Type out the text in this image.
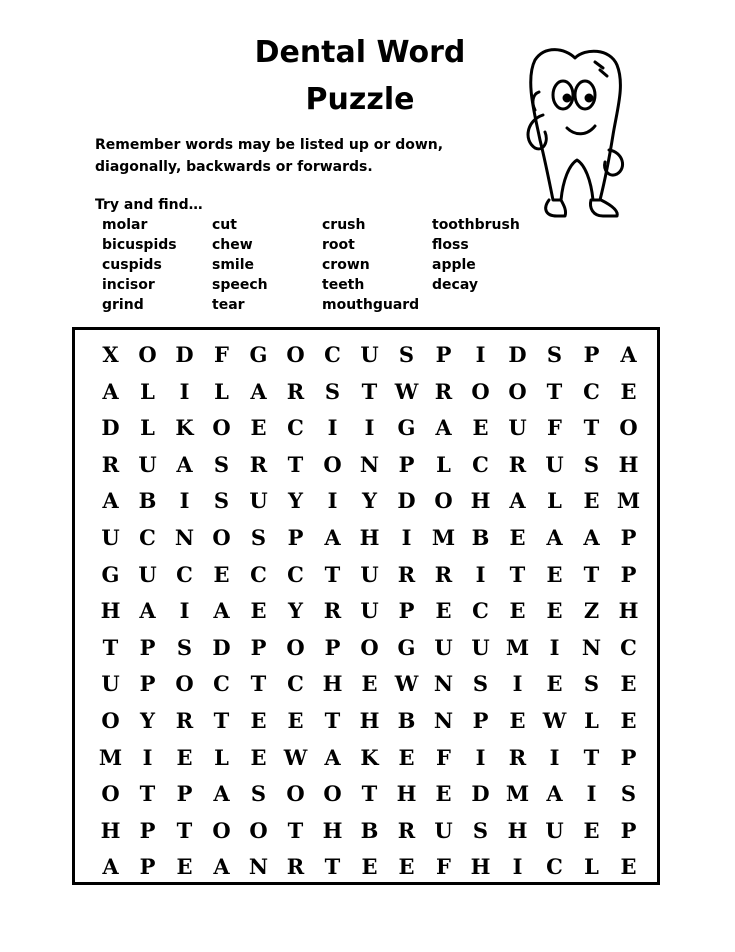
Dental Word
Puzzle
Remember words may be listed up or down, diagonally, backwards or forwards.
Try and find…
molar	cut	crush	toothbrush
bicuspids	chew	root	floss
cuspids	smile	crown	apple
incisor	speech	teeth	decay
grind	tear	mouthguard
X O D F G O C U S	P	I	D S	P A
A	L	I	L	A R S	T W R O O T C E
D L K O E C	I	I	G A E U F	T O
R U A	S R T O N P	L	C R U S H
A B	I	S U Y	I	Y D O H A	L	E M
U C N O S	P A H	I M B E A A P
G U C E C C T U R R	I	T	E	T	P
H A	I	A E	Y R U P	E C E E	Z H
T	P	S D P O P O G U U M I	N C
U P O C T C H E W N S	I	E	S	E
O Y R T	E E	T H B N P	E W L	E
M I	E	L	E W A K E	F	I	R	I	T	P
O T	P A	S O O T H E D M A	I	S
H P	T O O T H B R U S H U E	P
A P	E A N R T	E E	F H	I	C	L	E
